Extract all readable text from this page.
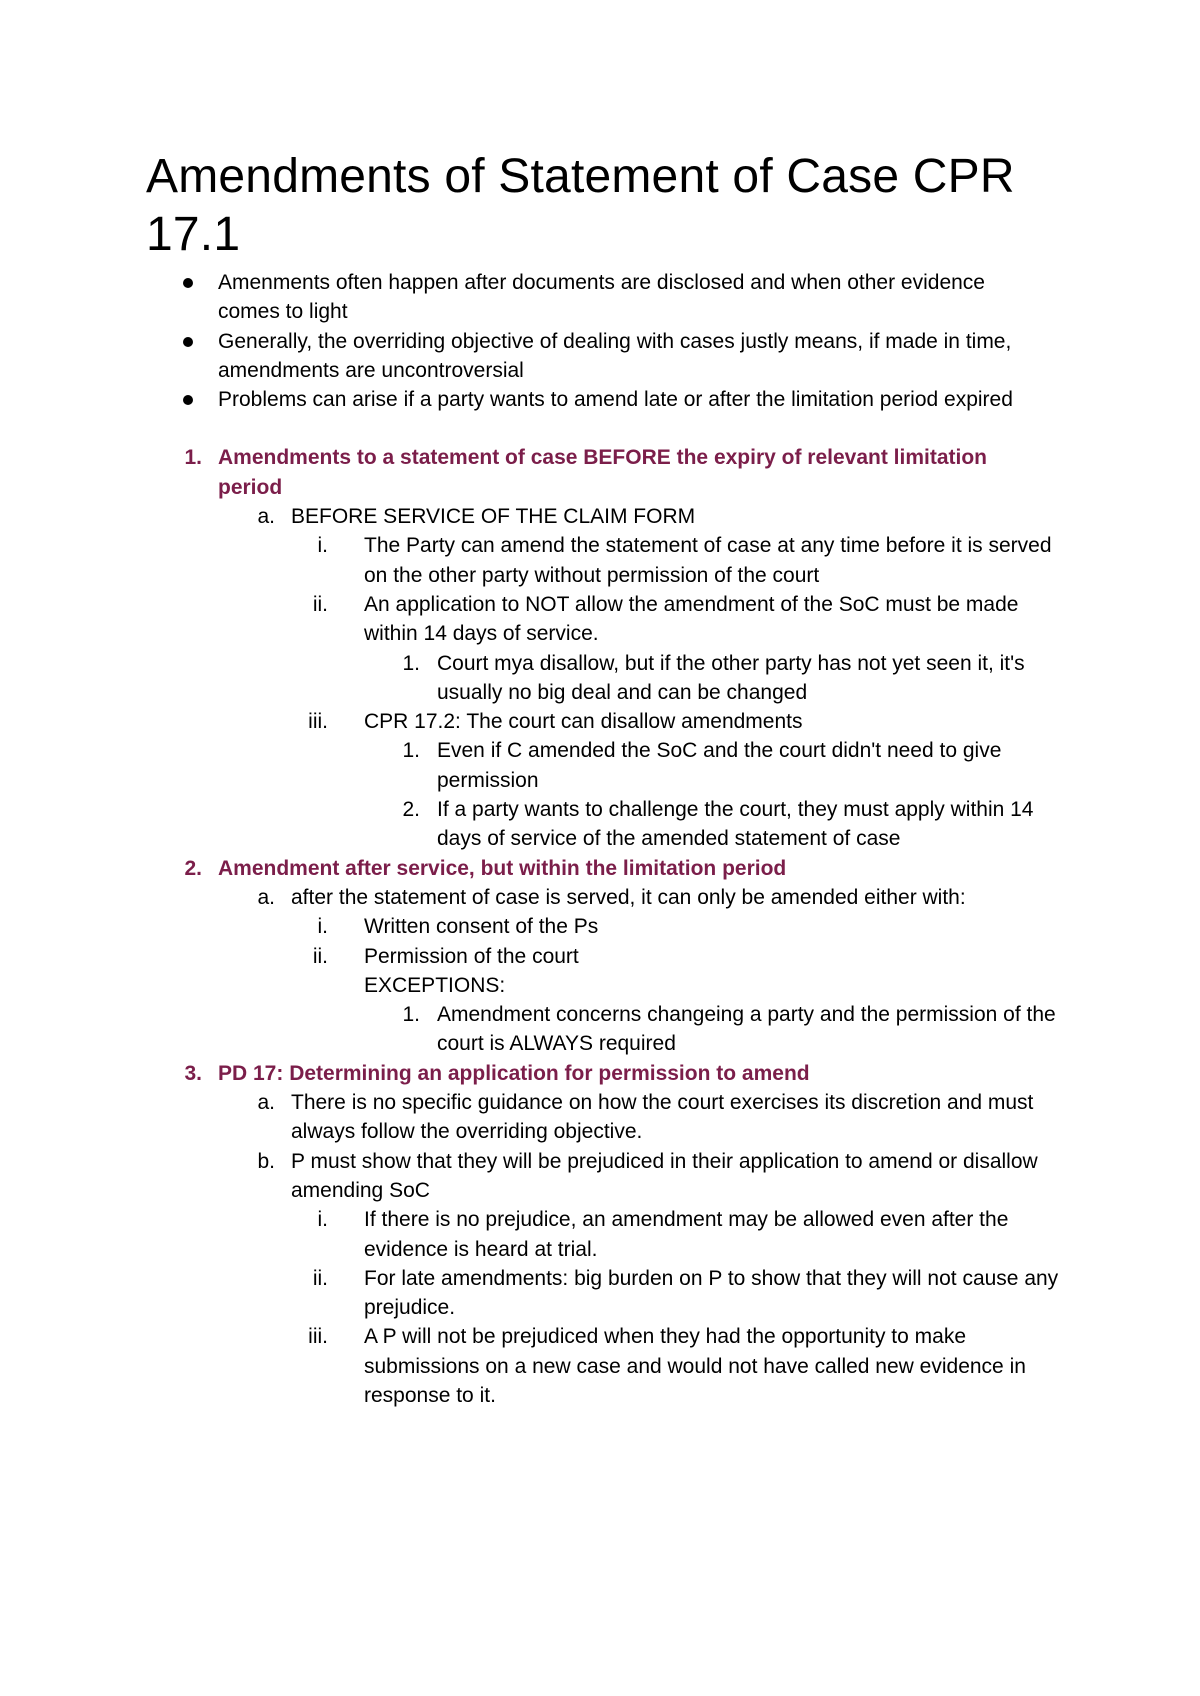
Amendments of Statement of Case CPR 17.1
Amenments often happen after documents are disclosed and when other evidence comes to light
Generally, the overriding objective of dealing with cases justly means, if made in time, amendments are uncontroversial
Problems can arise if a party wants to amend late or after the limitation period expired
1. Amendments to a statement of case BEFORE the expiry of relevant limitation period
a. BEFORE SERVICE OF THE CLAIM FORM
i. The Party can amend the statement of case at any time before it is served on the other party without permission of the court
ii. An application to NOT allow the amendment of the SoC must be made within 14 days of service.
1. Court mya disallow, but if the other party has not yet seen it, it's usually no big deal and can be changed
iii. CPR 17.2: The court can disallow amendments
1. Even if C amended the SoC and the court didn't need to give permission
2. If a party wants to challenge the court, they must apply within 14 days of service of the amended statement of case
2. Amendment after service, but within the limitation period
a. after the statement of case is served, it can only be amended either with:
i. Written consent of the Ps
ii. Permission of the court
EXCEPTIONS:
1. Amendment concerns changeing a party and the permission of the court is ALWAYS required
3. PD 17: Determining an application for permission to amend
a. There is no specific guidance on how the court exercises its discretion and must always follow the overriding objective.
b. P must show that they will be prejudiced in their application to amend or disallow amending SoC
i. If there is no prejudice, an amendment may be allowed even after the evidence is heard at trial.
ii. For late amendments: big burden on P to show that they will not cause any prejudice.
iii. A P will not be prejudiced when they had the opportunity to make submissions on a new case and would not have called new evidence in response to it.
